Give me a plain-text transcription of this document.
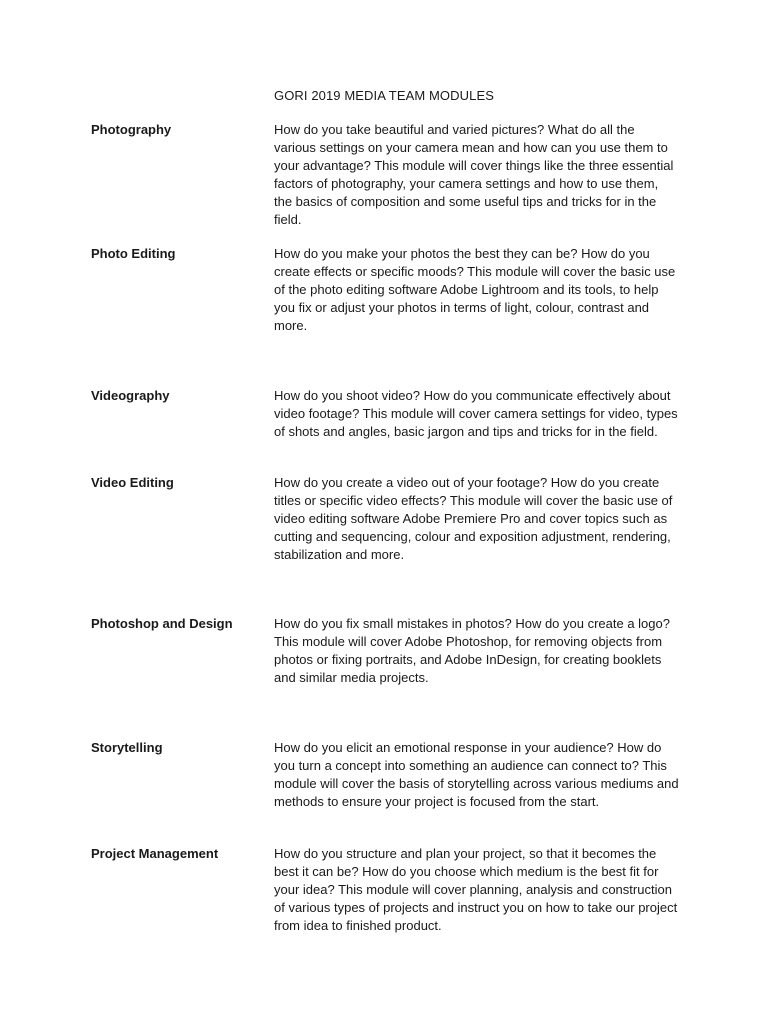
GORI 2019 MEDIA TEAM MODULES
Photography	How do you take beautiful and varied pictures? What do all the various settings on your camera mean and how can you use them to your advantage? This module will cover things like the three essential factors of photography, your camera settings and how to use them, the basics of composition and some useful tips and tricks for in the field.
Photo Editing	How do you make your photos the best they can be? How do you create effects or specific moods? This module will cover the basic use of the photo editing software Adobe Lightroom and its tools, to help you fix or adjust your photos in terms of light, colour, contrast and more.
Videography	How do you shoot video? How do you communicate effectively about video footage? This module will cover camera settings for video, types of shots and angles, basic jargon and tips and tricks for in the field.
Video Editing	How do you create a video out of your footage? How do you create titles or specific video effects? This module will cover the basic use of video editing software Adobe Premiere Pro and cover topics such as cutting and sequencing, colour and exposition adjustment, rendering, stabilization and more.
Photoshop and Design	How do you fix small mistakes in photos? How do you create a logo? This module will cover Adobe Photoshop, for removing objects from photos or fixing portraits, and Adobe InDesign, for creating booklets and similar media projects.
Storytelling	How do you elicit an emotional response in your audience? How do you turn a concept into something an audience can connect to? This module will cover the basis of storytelling across various mediums and methods to ensure your project is focused from the start.
Project Management	How do you structure and plan your project, so that it becomes the best it can be? How do you choose which medium is the best fit for your idea? This module will cover planning, analysis and construction of various types of projects and instruct you on how to take our project from idea to finished product.
